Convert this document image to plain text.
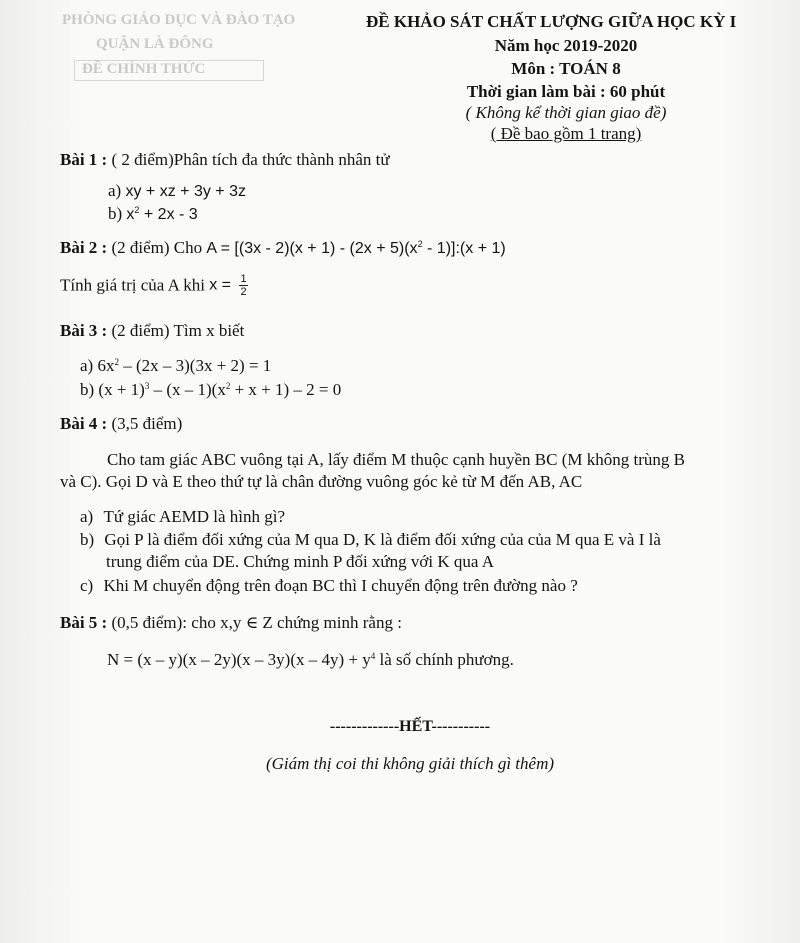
PHÒNG GIÁO DỤC VÀ ĐÀO TẠO
QUẬN LÀ ĐÔNG
ĐỀ CHÍNH THỨC
ĐỀ KHẢO SÁT CHẤT LƯỢNG GIỮA HỌC KỲ I
Năm học 2019-2020
Môn : TOÁN 8
Thời gian làm bài : 60 phút
( Không kể thời gian giao đề)
( Đề bao gồm 1 trang)
Bài 1 : ( 2 điểm)Phân tích đa thức thành nhân tử
a) xy + xz + 3y + 3z
b) $x^2 + 2x - 3$
Bài 2 : (2 điểm) Cho $A = [(3x - 2)(x + 1) - (2x + 5)(x^2$ - 1)]:(x + 1)
Tính giá trị của A khi $x = \frac{1}{2}$
Bài 3 : (2 điểm) Tìm x biết
a) $6x^2 - (2x - 3)(3x + 2) = 1$
b) $(x + 1)^3 - (x - 1)(x^2 + x + 1) - 2 = 0$
Bài 4 : (3,5 điểm)
Cho tam giác ABC vuông tại A, lấy điểm M thuộc cạnh huyền BC (M không trùng B
và C). Gọi D và E theo thứ tự là chân đường vuông góc kẻ từ M đến AB, AC
a) Tứ giác AEMD là hình gì?
b) Gọi P là điểm đối xứng của M qua D, K là điểm đối xứng của của M qua E và I là
trung điểm của DE. Chứng minh P đối xứng với K qua A
c) Khi M chuyển động trên đoạn BC thì I chuyển động trên đường nào ?
Bài 5 : (0,5 điểm): cho x,y ∈ Z chứng minh rằng :
$N = (x - y)(x - 2y)(x - 3y)(x - 4y) + y^4$ là số chính phương.
-------------HẾT-----------
(Giám thị coi thi không giải thích gì thêm)
